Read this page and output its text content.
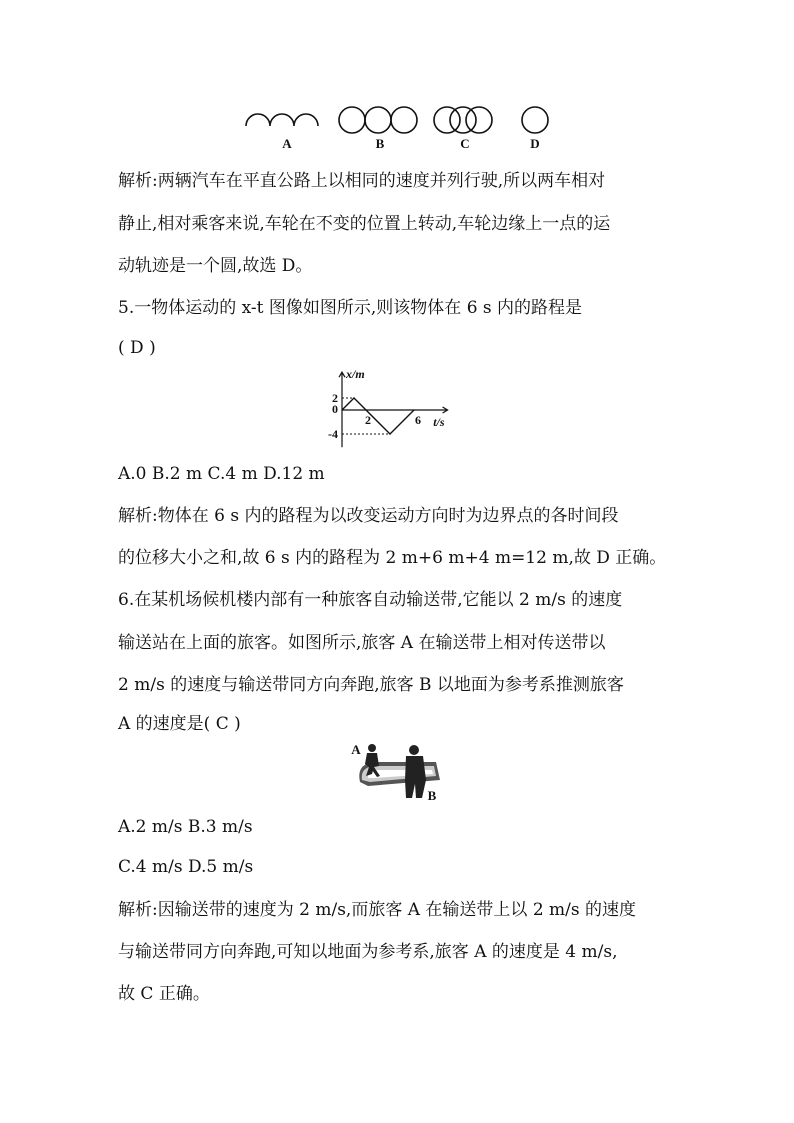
A	B	C	D
解析:两辆汽车在平直公路上以相同的速度并列行驶,所以两车相对
静止,相对乘客来说,车轮在不变的位置上转动,车轮边缘上一点的运
动轨迹是一个圆,故选 D。
5.一物体运动的 x-t 图像如图所示,则该物体在 6 s 内的路程是
( D )
2
0
-4
2	6
x/m
t/s
A.0 B.2 m C.4 m D.12 m
解析:物体在 6 s 内的路程为以改变运动方向时为边界点的各时间段
的位移大小之和,故 6 s 内的路程为 2 m+6 m+4 m=12 m,故 D 正确。
6.在某机场候机楼内部有一种旅客自动输送带,它能以 2 m/s 的速度
输送站在上面的旅客。如图所示,旅客 A 在输送带上相对传送带以
2 m/s 的速度与输送带同方向奔跑,旅客 B 以地面为参考系推测旅客
A 的速度是( C )
A
B
A.2 m/s B.3 m/s
C.4 m/s D.5 m/s
解析:因输送带的速度为 2 m/s,而旅客 A 在输送带上以 2 m/s 的速度
与输送带同方向奔跑,可知以地面为参考系,旅客 A 的速度是 4 m/s,
故 C 正确。
